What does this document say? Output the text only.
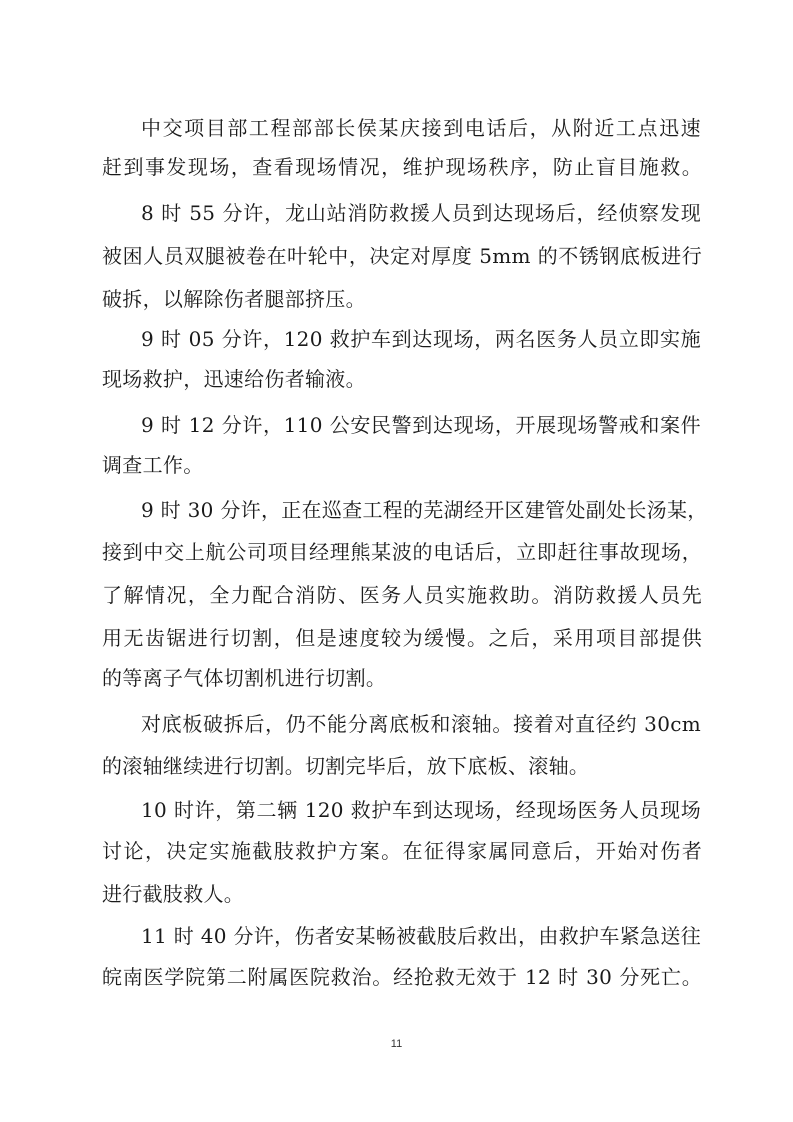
中交项目部工程部部长侯某庆接到电话后，从附近工点迅速
赶到事发现场，查看现场情况，维护现场秩序，防止盲目施救。
8 时 55 分许，龙山站消防救援人员到达现场后，经侦察发现
被困人员双腿被卷在叶轮中，决定对厚度 5mm 的不锈钢底板进行
破拆，以解除伤者腿部挤压。
9 时 05 分许，120 救护车到达现场，两名医务人员立即实施
现场救护，迅速给伤者输液。
9 时 12 分许，110 公安民警到达现场，开展现场警戒和案件
调查工作。
9 时 30 分许，正在巡查工程的芜湖经开区建管处副处长汤某，
接到中交上航公司项目经理熊某波的电话后，立即赶往事故现场，
了解情况，全力配合消防、医务人员实施救助。消防救援人员先
用无齿锯进行切割，但是速度较为缓慢。之后，采用项目部提供
的等离子气体切割机进行切割。
对底板破拆后，仍不能分离底板和滚轴。接着对直径约 30cm
的滚轴继续进行切割。切割完毕后，放下底板、滚轴。
10 时许，第二辆 120 救护车到达现场，经现场医务人员现场
讨论，决定实施截肢救护方案。在征得家属同意后，开始对伤者
进行截肢救人。
11 时 40 分许，伤者安某畅被截肢后救出，由救护车紧急送往
皖南医学院第二附属医院救治。经抢救无效于 12 时 30 分死亡。
11
